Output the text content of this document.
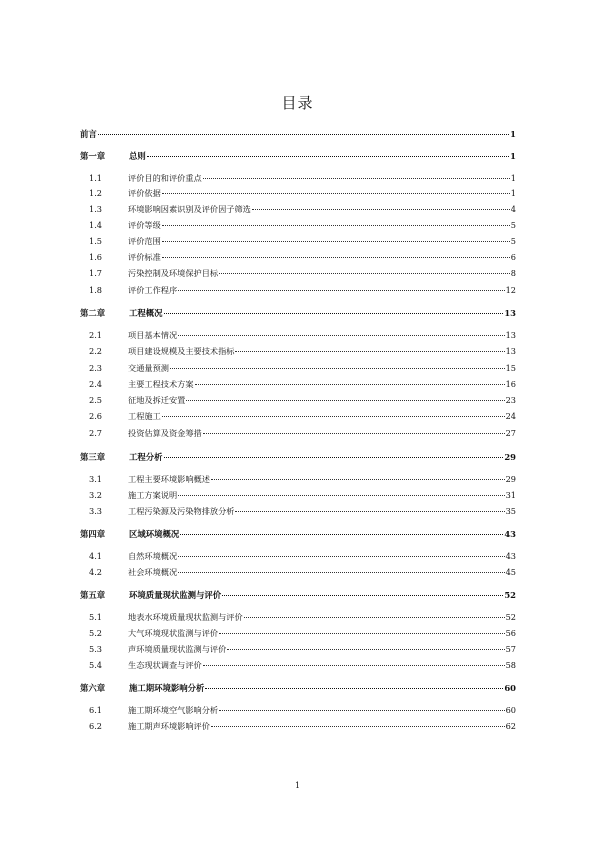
目录
前言	1
第一章	总则	1
1.1	评价目的和评价重点	1
1.2	评价依据	1
1.3	环境影响因素识别及评价因子筛选	4
1.4	评价等级	5
1.5	评价范围	5
1.6	评价标准	6
1.7	污染控制及环境保护目标	8
1.8	评价工作程序	12
第二章	工程概况	13
2.1	项目基本情况	13
2.2	项目建设规模及主要技术指标	13
2.3	交通量预测	15
2.4	主要工程技术方案	16
2.5	征地及拆迁安置	23
2.6	工程施工	24
2.7	投资估算及资金筹措	27
第三章	工程分析	29
3.1	工程主要环境影响概述	29
3.2	施工方案说明	31
3.3	工程污染源及污染物排放分析	35
第四章	区域环境概况	43
4.1	自然环境概况	43
4.2	社会环境概况	45
第五章	环境质量现状监测与评价	52
5.1	地表水环境质量现状监测与评价	52
5.2	大气环境现状监测与评价	56
5.3	声环境质量现状监测与评价	57
5.4	生态现状调查与评价	58
第六章	施工期环境影响分析	60
6.1	施工期环境空气影响分析	60
6.2	施工期声环境影响评价	62
1
